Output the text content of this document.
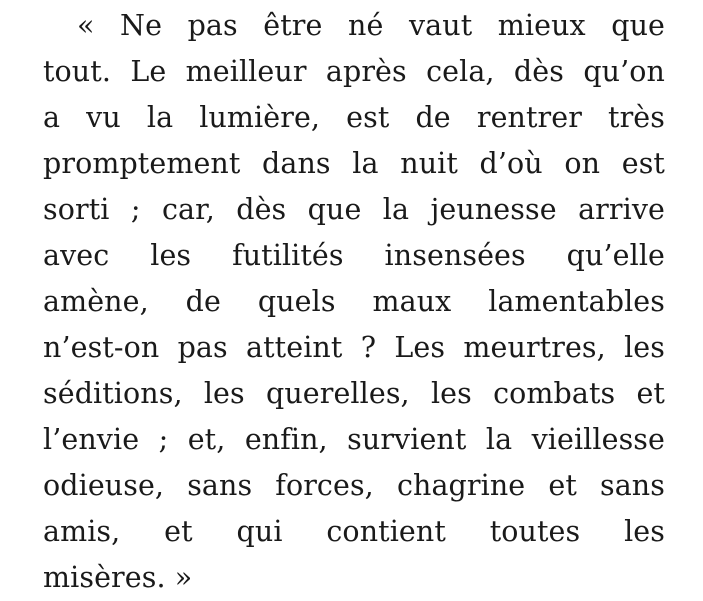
« Ne pas être né vaut mieux que
tout. Le meilleur après cela, dès qu’on
a vu la lumière, est de rentrer très
promptement dans la nuit d’où on est
sorti ; car, dès que la jeunesse arrive
avec les futilités insensées qu’elle
amène, de quels maux lamentables
n’est-on pas atteint ? Les meurtres, les
séditions, les querelles, les combats et
l’envie ; et, enfin, survient la vieillesse
odieuse, sans forces, chagrine et sans
amis, et qui contient toutes les
misères. »
